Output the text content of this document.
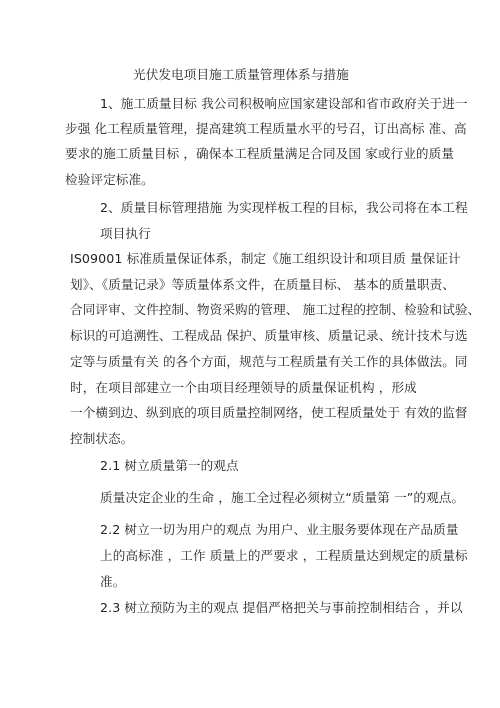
光伏发电项目施工质量管理体系与措施
1、施工质量目标 我公司积极响应国家建设部和省市政府关于进一
步强 化工程质量管理，提高建筑工程质量水平的号召，订出高标 准、高
要求的施工质量目标 ，确保本工程质量满足合同及国 家或行业的质量
检验评定标准。
2、质量目标管理措施 为实现样板工程的目标，我公司将在本工程
项目执行
IS09001 标准质量保证体系，制定《施工组织设计和项目质 量保证计
划》、《质量记录》等质量体系文件，在质量目标、 基本的质量职责、
合同评审、文件控制、物资采购的管理、 施工过程的控制、检验和试验、
标识的可追溯性、工程成品 保护、质量审核、质量记录、统计技术与选
定等与质量有关 的各个方面，规范与工程质量有关工作的具体做法。同
时，在项目部建立一个由项目经理领导的质量保证机构 ，形成
一个横到边、纵到底的项目质量控制网络，使工程质量处于 有效的监督
控制状态。
2.1 树立质量第一的观点
质量决定企业的生命 ，施工全过程必须树立“质量第 一”的观点。
2.2 树立一切为用户的观点 为用户、业主服务要体现在产品质量
上的高标准 ，工作 质量上的严要求 ，工程质量达到规定的质量标
准。
2.3 树立预防为主的观点 提倡严格把关与事前控制相结合 ，并以
